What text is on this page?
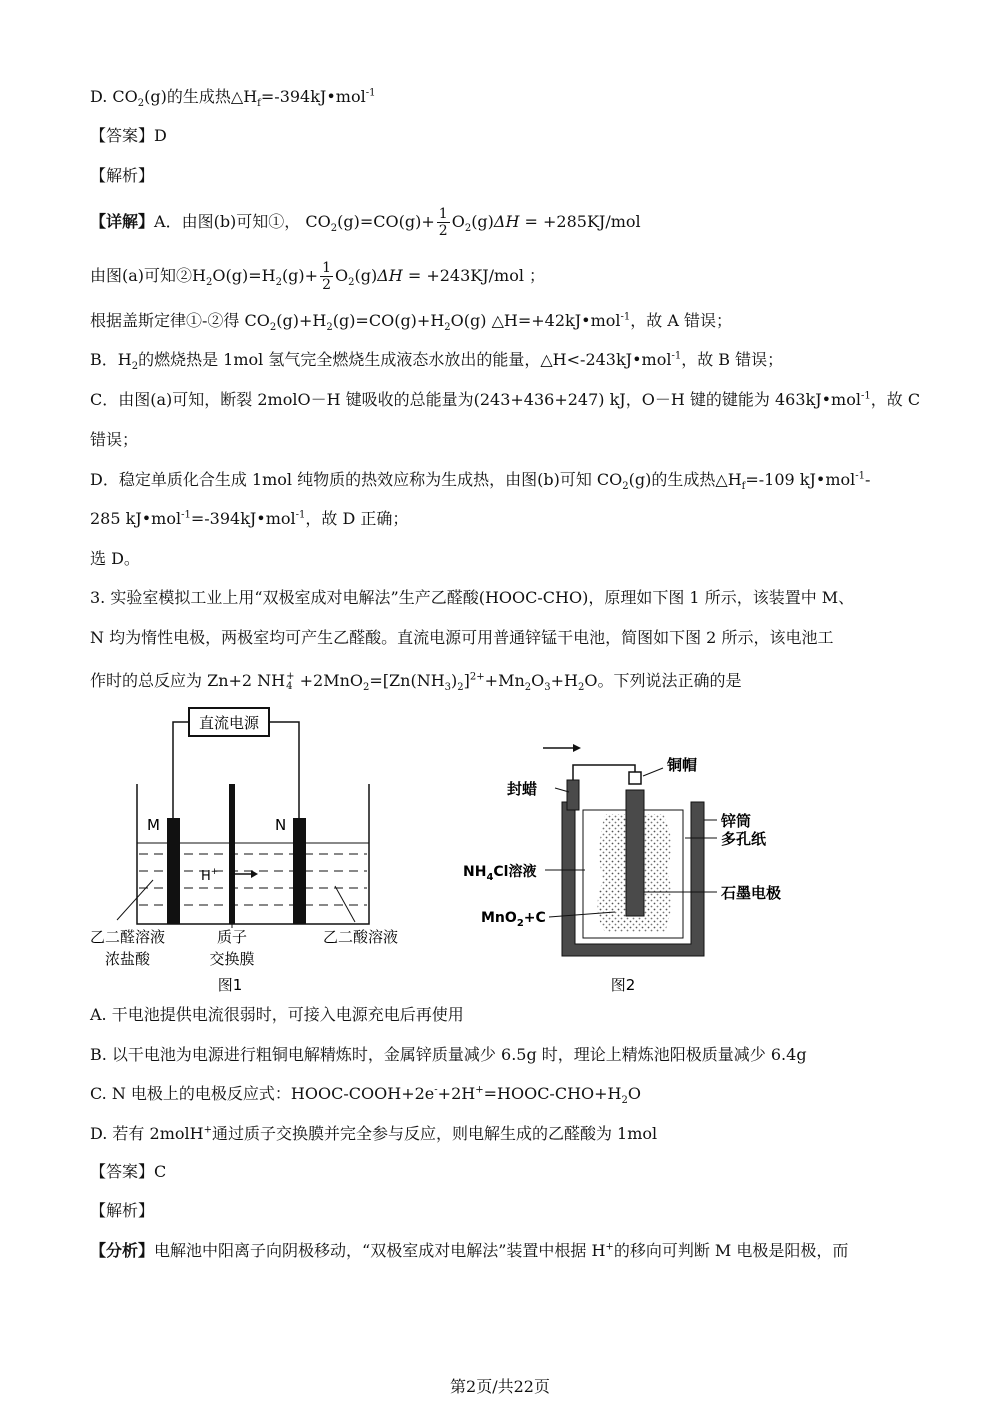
D. $CO_2(g)$的生成热$\triangle H_f=-394kJ•mol^{-1}$
【答案】D
【解析】
【详解】A．由图(b)可知①， $CO_2(g)=CO(g)+ \frac{1}{2} O_2(g)\Delta H = +285KJ/mol$
由图(a)可知$②H_2O(g)=H_2(g)+ \frac{1}{2} O_2(g)\Delta H = +243KJ/mol$ ；
根据盖斯定律①-②得 $CO_2(g)+H_2(g)=CO(g)+H_2O(g)$ △H=+42kJ•mol$^{-1}$，故 A 错误；
B．$H_2$的燃烧热是 1mol 氢气完全燃烧生成液态水放出的能量，△H<-243kJ•mol$^{-1}$，故 B 错误；
C．由图(a)可知，断裂 2molO－H 键吸收的总能量为(243+436+247) kJ，O－H 键的键能为 463kJ•mol$^{-1}$，故 C
错误；
D．稳定单质化合生成 1mol 纯物质的热效应称为生成热，由图(b)可知 $CO_2(g)$的生成热$\triangle H_f=-109$ kJ•mol$^{-1}$-
285 kJ•mol$^{-1}$=-394kJ•mol$^{-1}$，故 D 正确；
选 D。
3. 实验室模拟工业上用“双极室成对电解法”生产乙醛酸(HOOC-CHO)，原理如下图 1 所示，该装置中 M、
N 均为惰性电极，两极室均可产生乙醛酸。直流电源可用普通锌锰干电池，简图如下图 2 所示，该电池工
作时的总反应为 Zn+2 NH +
$4 +2MnO_2=[Zn(NH_3)_2]^{2+}+Mn_2O_3+H_2O$。下列说法正确的是
直流电源
M	N
H+
乙二醛溶液
浓盐酸
质子
交换膜
乙二酸溶液
图1
铜帽
封蜡
锌筒
多孔纸
$NH_4Cl$溶液
石墨电极
MnO$_2$+C
图2
A. 干电池提供电流很弱时，可接入电源充电后再使用
B. 以干电池为电源进行粗铜电解精炼时，金属锌质量减少 6.5g 时，理论上精炼池阳极质量减少 6.4g
C. N 电极上的电极反应式：HOOC-$COOH+2e^-+2H^+=HOOC-CHO+H_2O$
D. 若有 2molH+通过质子交换膜并完全参与反应，则电解生成的乙醛酸为 1mol
【答案】C
【解析】
【分析】电解池中阳离子向阴极移动，“双极室成对电解法”装置中根据 H+的移向可判断 M 电极是阳极，而
第2页/共22页
